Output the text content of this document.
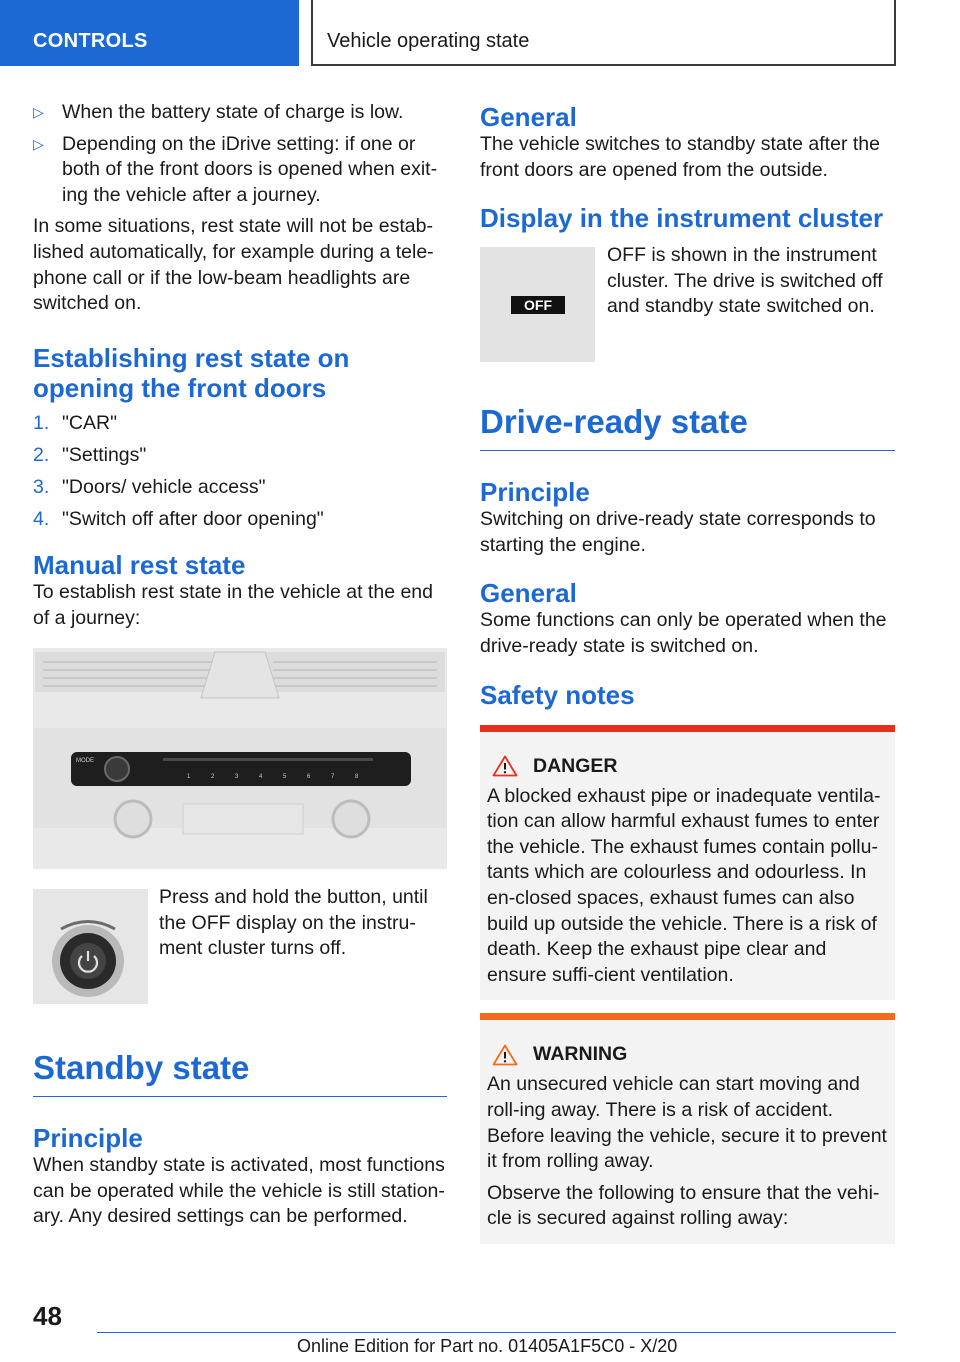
CONTROLS	Vehicle operating state
▷ When the battery state of charge is low.
▷ Depending on the iDrive setting: if one or both of the front doors is opened when exit‐ing the vehicle after a journey.

In some situations, rest state will not be estab‐lished automatically, for example during a tele‐phone call or if the low-beam headlights are switched on.

Establishing rest state on opening the front doors
1. "CAR"
2. "Settings"
3. "Doors/ vehicle access"
4. "Switch off after door opening"
Manual rest state

To establish rest state in the vehicle at the end of a journey:

MODE
1	2	3	4	5	6	7	8

Press and hold the button, until the OFF display on the instru‐ment cluster turns off.

Standby state
Principle

When standby state is activated, most functions can be operated while the vehicle is still station‐ary. Any desired settings can be performed.

General

The vehicle switches to standby state after the front doors are opened from the outside.

Display in the instrument cluster
OFF

OFF is shown in the instrument cluster. The drive is switched off and standby state switched on.

Drive-ready state
Principle

Switching on drive-ready state corresponds to starting the engine.

General

Some functions can only be operated when the drive-ready state is switched on.

Safety notes
DANGER

A blocked exhaust pipe or inadequate ventila‐tion can allow harmful exhaust fumes to enter the vehicle. The exhaust fumes contain pollu‐tants which are colourless and odourless. In en‐closed spaces, exhaust fumes can also build up outside the vehicle. There is a risk of death. Keep the exhaust pipe clear and ensure suffi‐cient ventilation.

WARNING

An unsecured vehicle can start moving and roll‐ing away. There is a risk of accident. Before leaving the vehicle, secure it to prevent it from rolling away.

Observe the following to ensure that the vehi‐cle is secured against rolling away:

48
Online Edition for Part no. 01405A1F5C0 - X/20
